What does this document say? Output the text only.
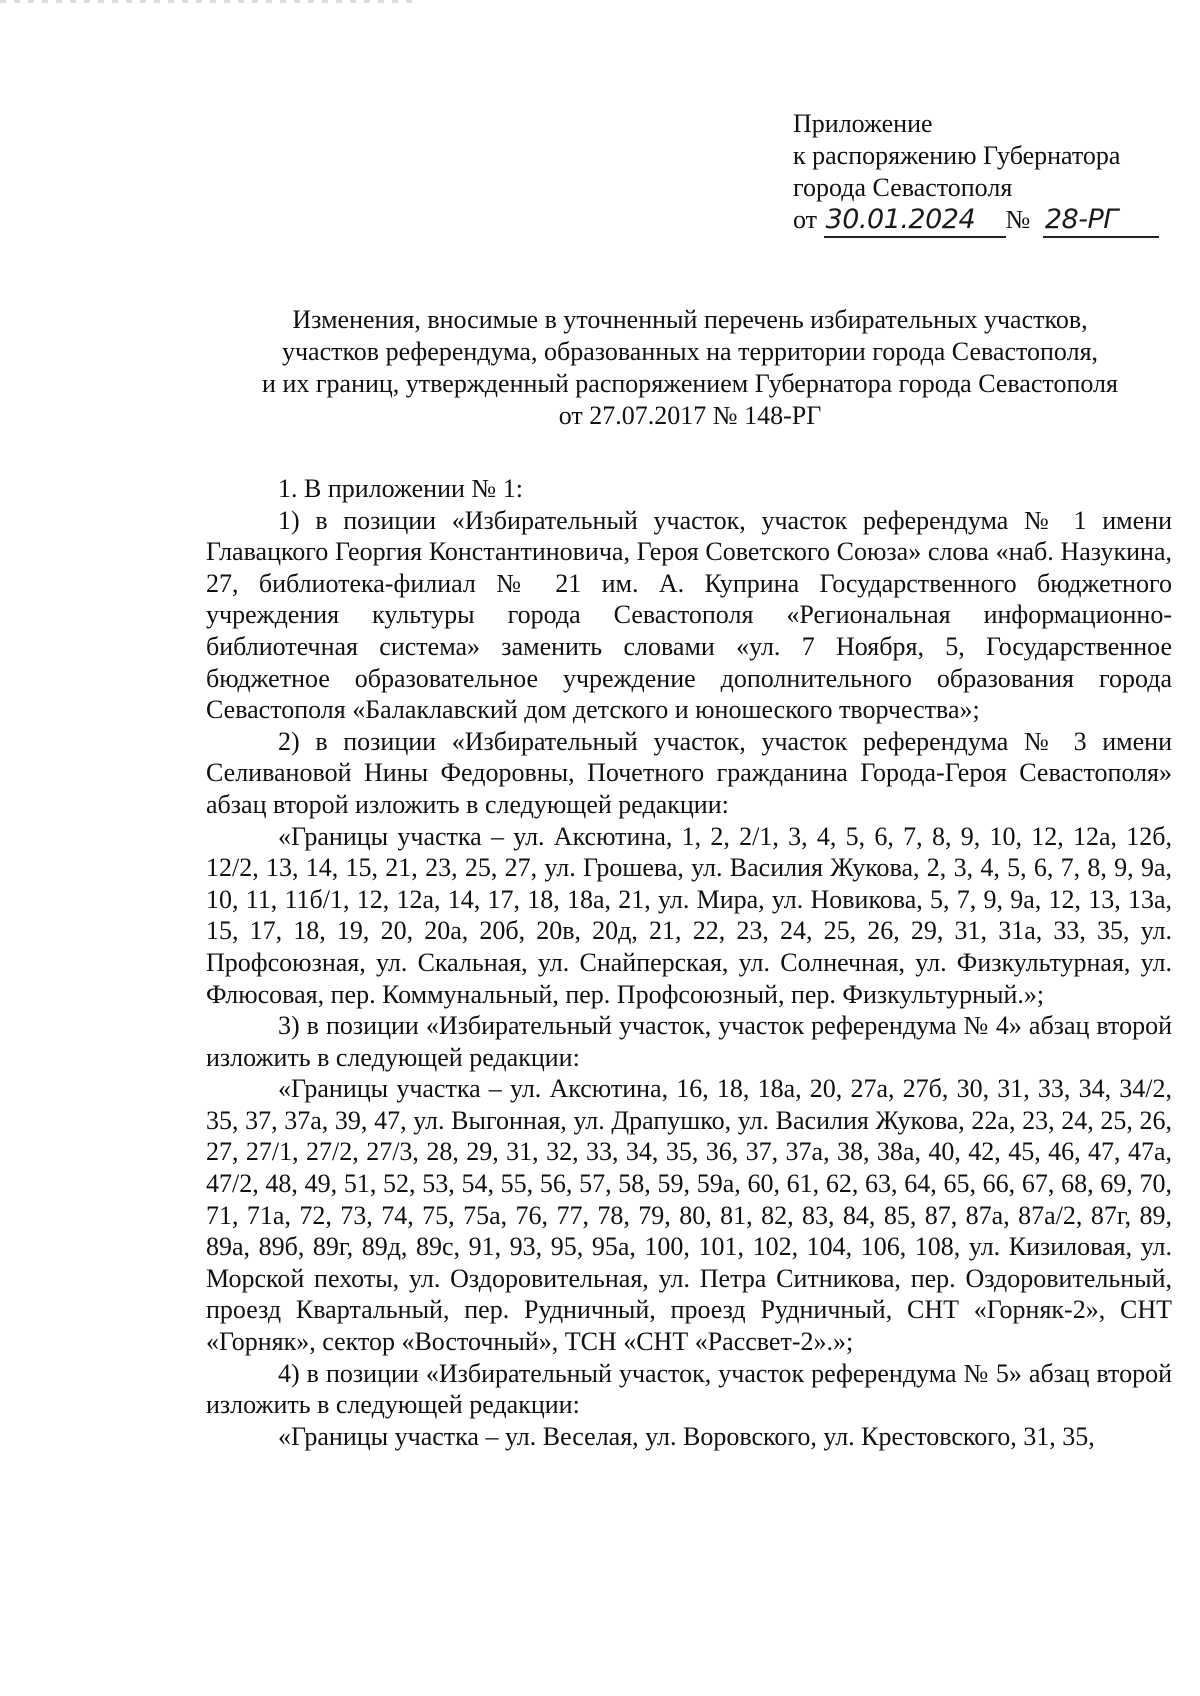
Приложение
к распоряжению Губернатора
города Севастополя
от 30.01.2024 № 28-РГ
Изменения, вносимые в уточненный перечень избирательных участков,
участков референдума, образованных на территории города Севастополя,
и их границ, утвержденный распоряжением Губернатора города Севастополя
от 27.07.2017 № 148-РГ

1. В приложении № 1:

1) в позиции «Избирательный участок, участок референдума № 1 имени Главацкого Георгия Константиновича, Героя Советского Союза» слова «наб. Назукина, 27, библиотека-филиал № 21 им. А. Куприна Государственного бюджетного учреждения культуры города Севастополя «Региональная информационно-библиотечная система» заменить словами «ул. 7 Ноября, 5, Государственное бюджетное образовательное учреждение дополнительного образования города Севастополя «Балаклавский дом детского и юношеского творчества»;

2) в позиции «Избирательный участок, участок референдума № 3 имени Селивановой Нины Федоровны, Почетного гражданина Города-Героя Севастополя» абзац второй изложить в следующей редакции:

«Границы участка – ул. Аксютина, 1, 2, 2/1, 3, 4, 5, 6, 7, 8, 9, 10, 12, 12а, 12б, 12/2, 13, 14, 15, 21, 23, 25, 27, ул. Грошева, ул. Василия Жукова, 2, 3, 4, 5, 6, 7, 8, 9, 9а, 10, 11, 11б/1, 12, 12а, 14, 17, 18, 18а, 21, ул. Мира, ул. Новикова, 5, 7, 9, 9а, 12, 13, 13а, 15, 17, 18, 19, 20, 20а, 20б, 20в, 20д, 21, 22, 23, 24, 25, 26, 29, 31, 31а, 33, 35, ул. Профсоюзная, ул. Скальная, ул. Снайперская, ул. Солнечная, ул. Физкультурная, ул. Флюсовая, пер. Коммунальный, пер. Профсоюзный, пер. Физкультурный.»;

3) в позиции «Избирательный участок, участок референдума № 4» абзац второй изложить в следующей редакции:

«Границы участка – ул. Аксютина, 16, 18, 18а, 20, 27а, 27б, 30, 31, 33, 34, 34/2, 35, 37, 37а, 39, 47, ул. Выгонная, ул. Драпушко, ул. Василия Жукова, 22а, 23, 24, 25, 26, 27, 27/1, 27/2, 27/3, 28, 29, 31, 32, 33, 34, 35, 36, 37, 37а, 38, 38а, 40, 42, 45, 46, 47, 47а, 47/2, 48, 49, 51, 52, 53, 54, 55, 56, 57, 58, 59, 59а, 60, 61, 62, 63, 64, 65, 66, 67, 68, 69, 70, 71, 71а, 72, 73, 74, 75, 75а, 76, 77, 78, 79, 80, 81, 82, 83, 84, 85, 87, 87а, 87а/2, 87г, 89, 89а, 89б, 89г, 89д, 89с, 91, 93, 95, 95а, 100, 101, 102, 104, 106, 108, ул. Кизиловая, ул. Морской пехоты, ул. Оздоровительная, ул. Петра Ситникова, пер. Оздоровительный, проезд Квартальный, пер. Рудничный, проезд Рудничный, СНТ «Горняк-2», СНТ «Горняк», сектор «Восточный», ТСН «СНТ «Рассвет-2».»;

4) в позиции «Избирательный участок, участок референдума № 5» абзац второй изложить в следующей редакции:

«Границы участка – ул. Веселая, ул. Воровского, ул. Крестовского, 31, 35,
